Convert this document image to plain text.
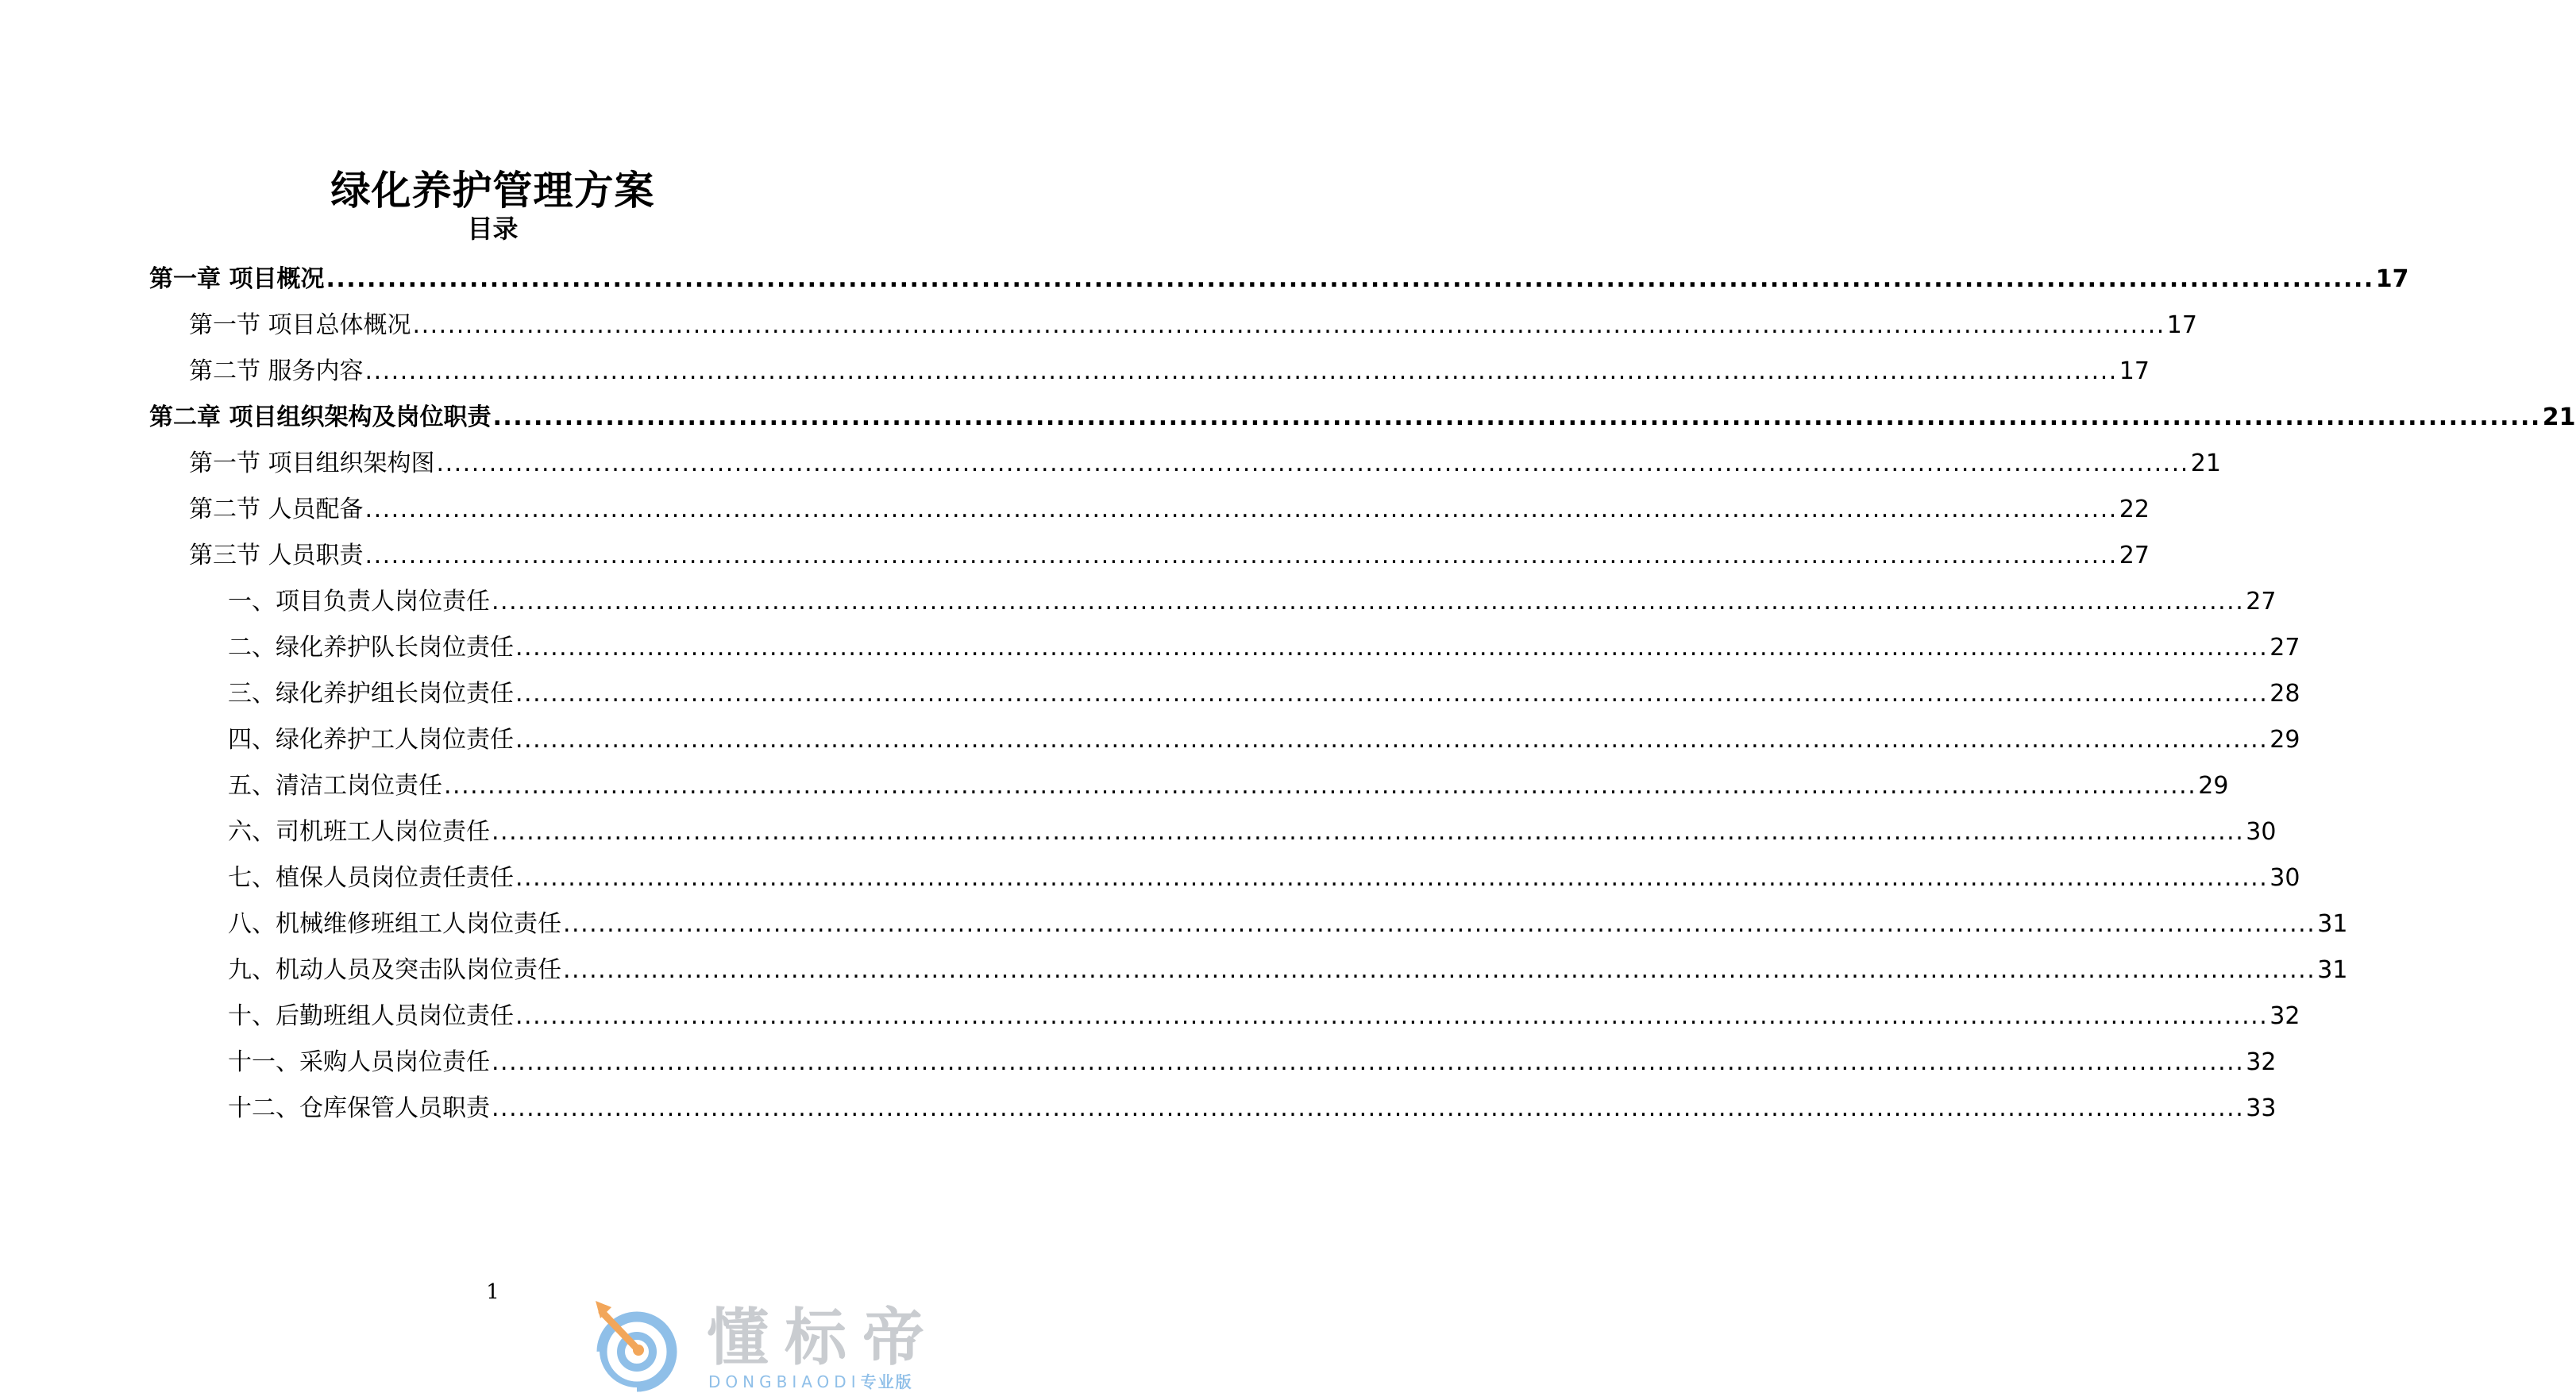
绿化养护管理方案
目录
第一章 项目概况 ........................................................................................................................................................................................................ 17
第一节 项目总体概况 ........................................................................................................................................................................................................ 17
第二节 服务内容 ........................................................................................................................................................................................................ 17
第二章 项目组织架构及岗位职责 ........................................................................................................................................................................................................ 21
第一节 项目组织架构图 ........................................................................................................................................................................................................ 21
第二节 人员配备 ........................................................................................................................................................................................................ 22
第三节 人员职责 ........................................................................................................................................................................................................ 27
一、项目负责人岗位责任 ........................................................................................................................................................................................................ 27
二、绿化养护队长岗位责任 ........................................................................................................................................................................................................ 27
三、绿化养护组长岗位责任 ........................................................................................................................................................................................................ 28
四、绿化养护工人岗位责任 ........................................................................................................................................................................................................ 29
五、清洁工岗位责任 ........................................................................................................................................................................................................ 29
六、司机班工人岗位责任 ........................................................................................................................................................................................................ 30
七、植保人员岗位责任责任 ........................................................................................................................................................................................................ 30
八、机械维修班组工人岗位责任 ........................................................................................................................................................................................................ 31
九、机动人员及突击队岗位责任 ........................................................................................................................................................................................................ 31
十、后勤班组人员岗位责任 ........................................................................................................................................................................................................ 32
十一、采购人员岗位责任 ........................................................................................................................................................................................................ 32
十二、仓库保管人员职责 ........................................................................................................................................................................................................ 33
1
懂标帝
DONGBIAODI专业版
